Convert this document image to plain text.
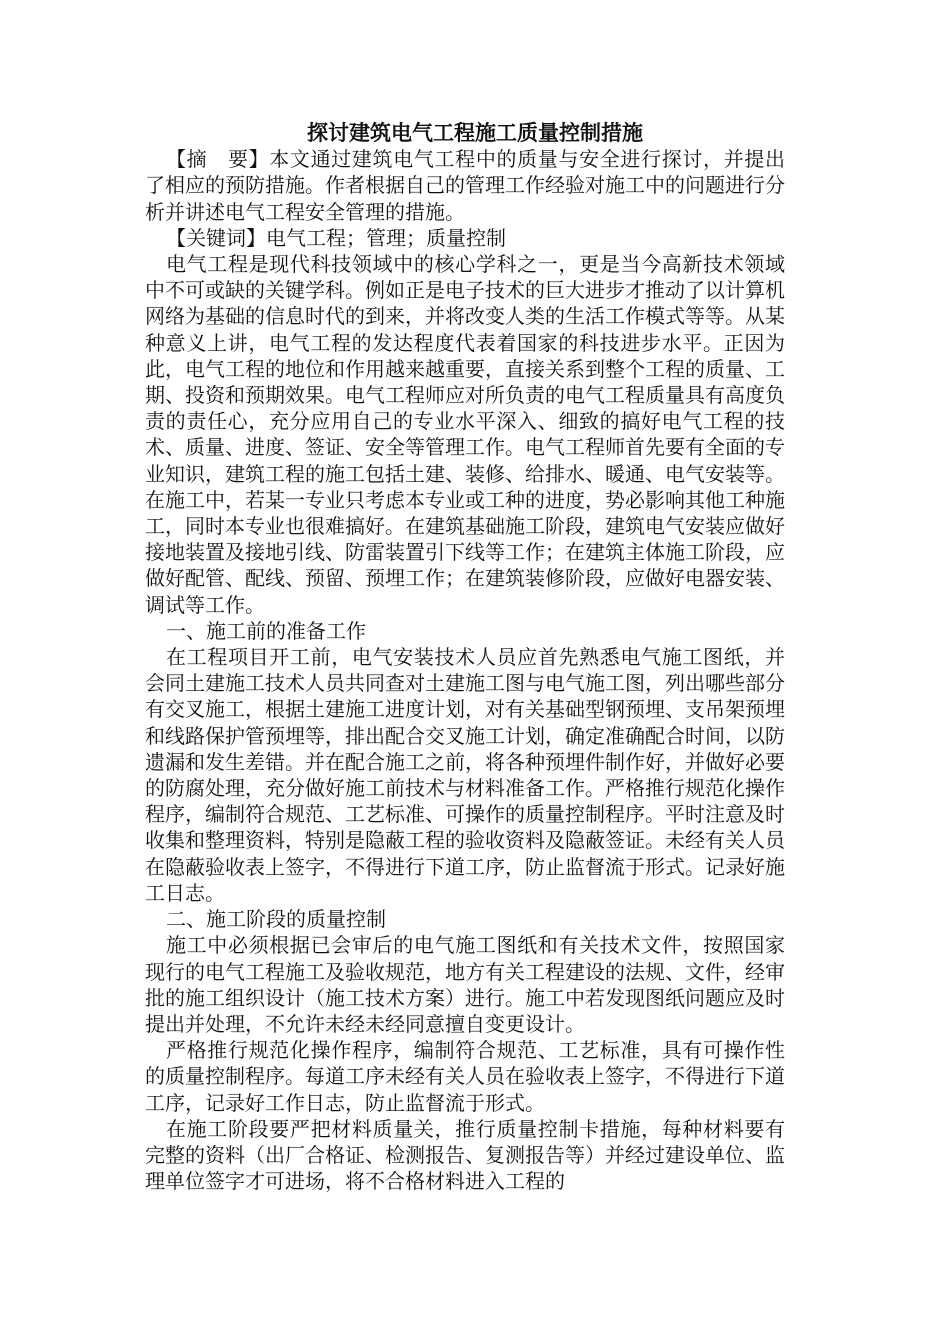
探讨建筑电气工程施工质量控制措施

【摘　要】本文通过建筑电气工程中的质量与安全进行探讨，并提出了相应的预防措施。作者根据自己的管理工作经验对施工中的问题进行分析并讲述电气工程安全管理的措施。

【关键词】电气工程；管理；质量控制

电气工程是现代科技领域中的核心学科之一，更是当今高新技术领域中不可或缺的关键学科。例如正是电子技术的巨大进步才推动了以计算机网络为基础的信息时代的到来，并将改变人类的生活工作模式等等。从某种意义上讲，电气工程的发达程度代表着国家的科技进步水平。正因为此，电气工程的地位和作用越来越重要，直接关系到整个工程的质量、工期、投资和预期效果。电气工程师应对所负责的电气工程质量具有高度负责的责任心，充分应用自己的专业水平深入、细致的搞好电气工程的技术、质量、进度、签证、安全等管理工作。电气工程师首先要有全面的专业知识，建筑工程的施工包括土建、装修、给排水、暖通、电气安装等。在施工中，若某一专业只考虑本专业或工种的进度，势必影响其他工种施工，同时本专业也很难搞好。在建筑基础施工阶段，建筑电气安装应做好接地装置及接地引线、防雷装置引下线等工作；在建筑主体施工阶段，应做好配管、配线、预留、预埋工作；在建筑装修阶段，应做好电器安装、调试等工作。

一、施工前的准备工作

在工程项目开工前，电气安装技术人员应首先熟悉电气施工图纸，并会同土建施工技术人员共同查对土建施工图与电气施工图，列出哪些部分有交叉施工，根据土建施工进度计划，对有关基础型钢预埋、支吊架预埋和线路保护管预埋等，排出配合交叉施工计划，确定准确配合时间，以防遗漏和发生差错。并在配合施工之前，将各种预埋件制作好，并做好必要的防腐处理，充分做好施工前技术与材料准备工作。严格推行规范化操作程序，编制符合规范、工艺标准、可操作的质量控制程序。平时注意及时收集和整理资料，特别是隐蔽工程的验收资料及隐蔽签证。未经有关人员在隐蔽验收表上签字，不得进行下道工序，防止监督流于形式。记录好施工日志。

二、施工阶段的质量控制

施工中必须根据已会审后的电气施工图纸和有关技术文件，按照国家现行的电气工程施工及验收规范，地方有关工程建设的法规、文件，经审批的施工组织设计（施工技术方案）进行。施工中若发现图纸问题应及时提出并处理，不允许未经未经同意擅自变更设计。

严格推行规范化操作程序，编制符合规范、工艺标准，具有可操作性的质量控制程序。每道工序未经有关人员在验收表上签字，不得进行下道工序，记录好工作日志，防止监督流于形式。

在施工阶段要严把材料质量关，推行质量控制卡措施，每种材料要有完整的资料（出厂合格证、检测报告、复测报告等）并经过建设单位、监理单位签字才可进场，将不合格材料进入工程的
